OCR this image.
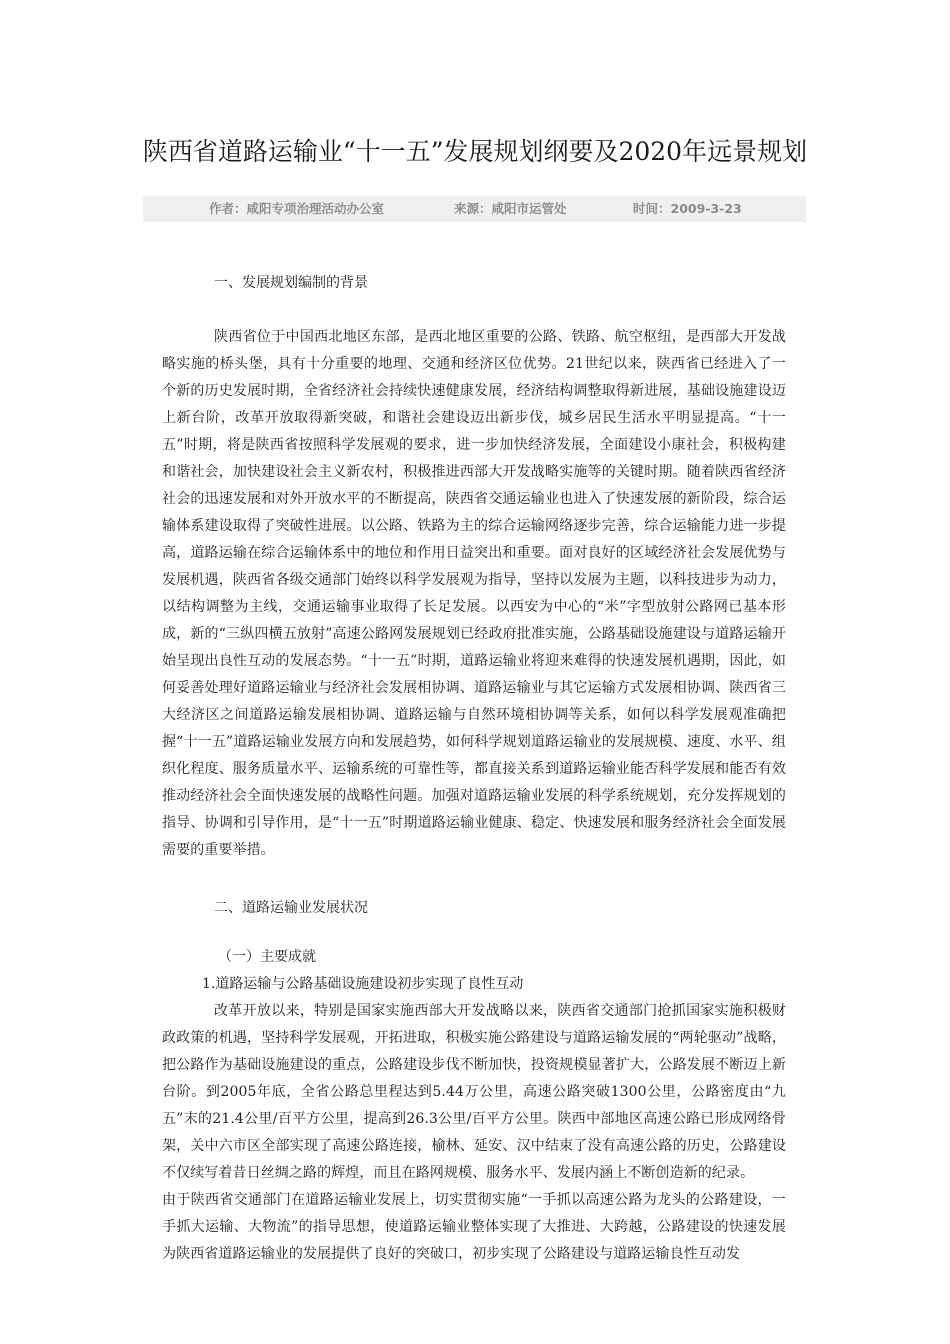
陕西省道路运输业“十一五”发展规划纲要及2020年远景规划
作者：咸阳专项治理活动办公室	来源：咸阳市运管处	时间：2009-3-23

一、发展规划编制的背景

陕西省位于中国西北地区东部，是西北地区重要的公路、铁路、航空枢纽，是西部大开发战略实施的桥头堡，具有十分重要的地理、交通和经济区位优势。21世纪以来，陕西省已经进入了一个新的历史发展时期，全省经济社会持续快速健康发展，经济结构调整取得新进展，基础设施建设迈上新台阶，改革开放取得新突破，和谐社会建设迈出新步伐，城乡居民生活水平明显提高。“十一五”时期，将是陕西省按照科学发展观的要求，进一步加快经济发展，全面建设小康社会，积极构建和谐社会，加快建设社会主义新农村，积极推进西部大开发战略实施等的关键时期。随着陕西省经济社会的迅速发展和对外开放水平的不断提高，陕西省交通运输业也进入了快速发展的新阶段，综合运输体系建设取得了突破性进展。以公路、铁路为主的综合运输网络逐步完善，综合运输能力进一步提高，道路运输在综合运输体系中的地位和作用日益突出和重要。面对良好的区域经济社会发展优势与发展机遇，陕西省各级交通部门始终以科学发展观为指导，坚持以发展为主题，以科技进步为动力，以结构调整为主线，交通运输事业取得了长足发展。以西安为中心的“米”字型放射公路网已基本形成，新的“三纵四横五放射”高速公路网发展规划已经政府批准实施，公路基础设施建设与道路运输开始呈现出良性互动的发展态势。“十一五”时期，道路运输业将迎来难得的快速发展机遇期，因此，如何妥善处理好道路运输业与经济社会发展相协调、道路运输业与其它运输方式发展相协调、陕西省三大经济区之间道路运输发展相协调、道路运输与自然环境相协调等关系，如何以科学发展观准确把握“十一五”道路运输业发展方向和发展趋势，如何科学规划道路运输业的发展规模、速度、水平、组织化程度、服务质量水平、运输系统的可靠性等，都直接关系到道路运输业能否科学发展和能否有效推动经济社会全面快速发展的战略性问题。加强对道路运输业发展的科学系统规划，充分发挥规划的指导、协调和引导作用，是“十一五”时期道路运输业健康、稳定、快速发展和服务经济社会全面发展需要的重要举措。

二、道路运输业发展状况

（一）主要成就

1.道路运输与公路基础设施建设初步实现了良性互动

改革开放以来，特别是国家实施西部大开发战略以来，陕西省交通部门抢抓国家实施积极财政政策的机遇，坚持科学发展观，开拓进取，积极实施公路建设与道路运输发展的“两轮驱动”战略，把公路作为基础设施建设的重点，公路建设步伐不断加快，投资规模显著扩大，公路发展不断迈上新台阶。到2005年底，全省公路总里程达到5.44万公里，高速公路突破1300公里，公路密度由“九五”末的21.4公里/百平方公里，提高到26.3公里/百平方公里。陕西中部地区高速公路已形成网络骨架，关中六市区全部实现了高速公路连接，榆林、延安、汉中结束了没有高速公路的历史，公路建设不仅续写着昔日丝绸之路的辉煌，而且在路网规模、服务水平、发展内涵上不断创造新的纪录。

由于陕西省交通部门在道路运输业发展上，切实贯彻实施“一手抓以高速公路为龙头的公路建设，一手抓大运输、大物流”的指导思想，使道路运输业整体实现了大推进、大跨越，公路建设的快速发展为陕西省道路运输业的发展提供了良好的突破口，初步实现了公路建设与道路运输良性互动发
